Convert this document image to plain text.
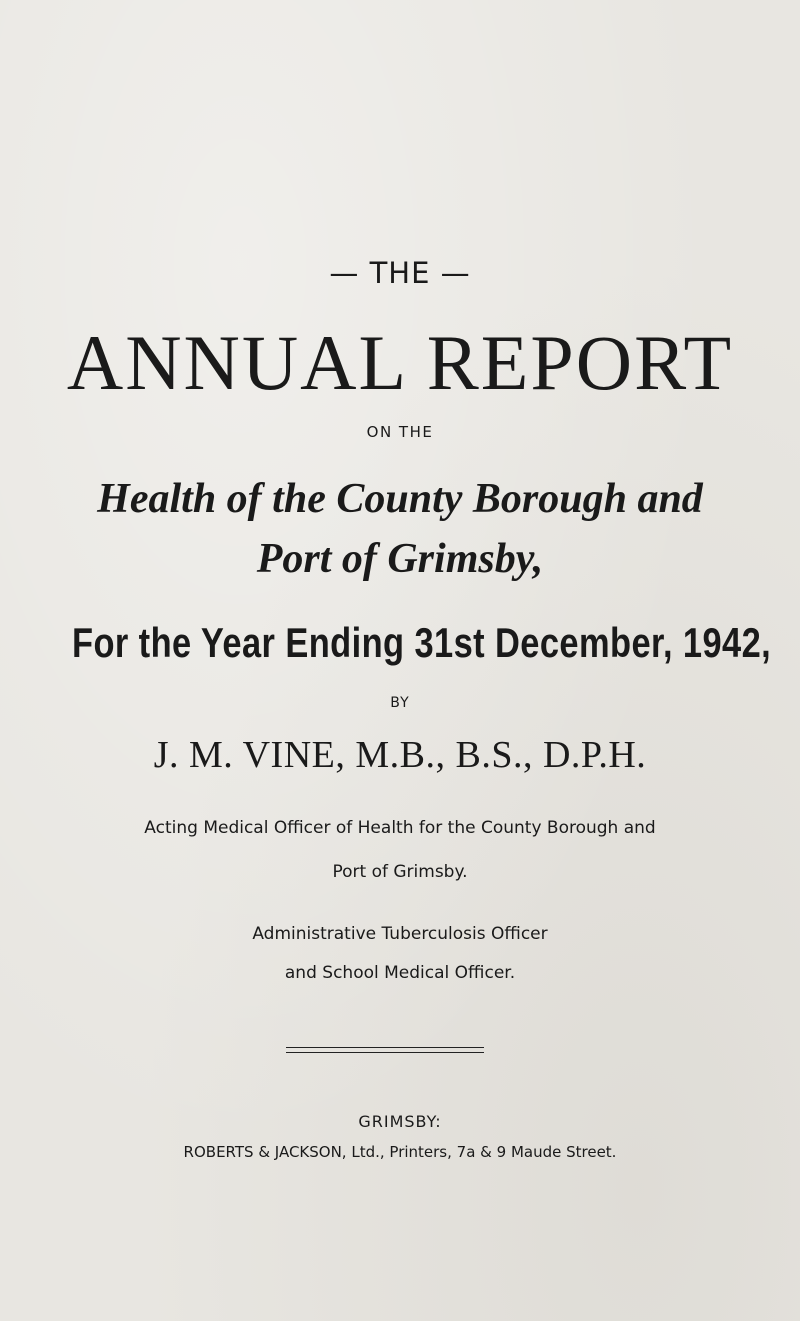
— THE —
ANNUAL REPORT
ON THE
Health of the County Borough and
Port of Grimsby,
For the Year Ending 31st December, 1942,
BY
J. M. VINE, M.B., B.S., D.P.H.
Acting Medical Officer of Health for the County Borough and
Port of Grimsby.
Administrative Tuberculosis Officer
and School Medical Officer.
GRIMSBY:
ROBERTS & JACKSON, Ltd., Printers, 7a & 9 Maude Street.
